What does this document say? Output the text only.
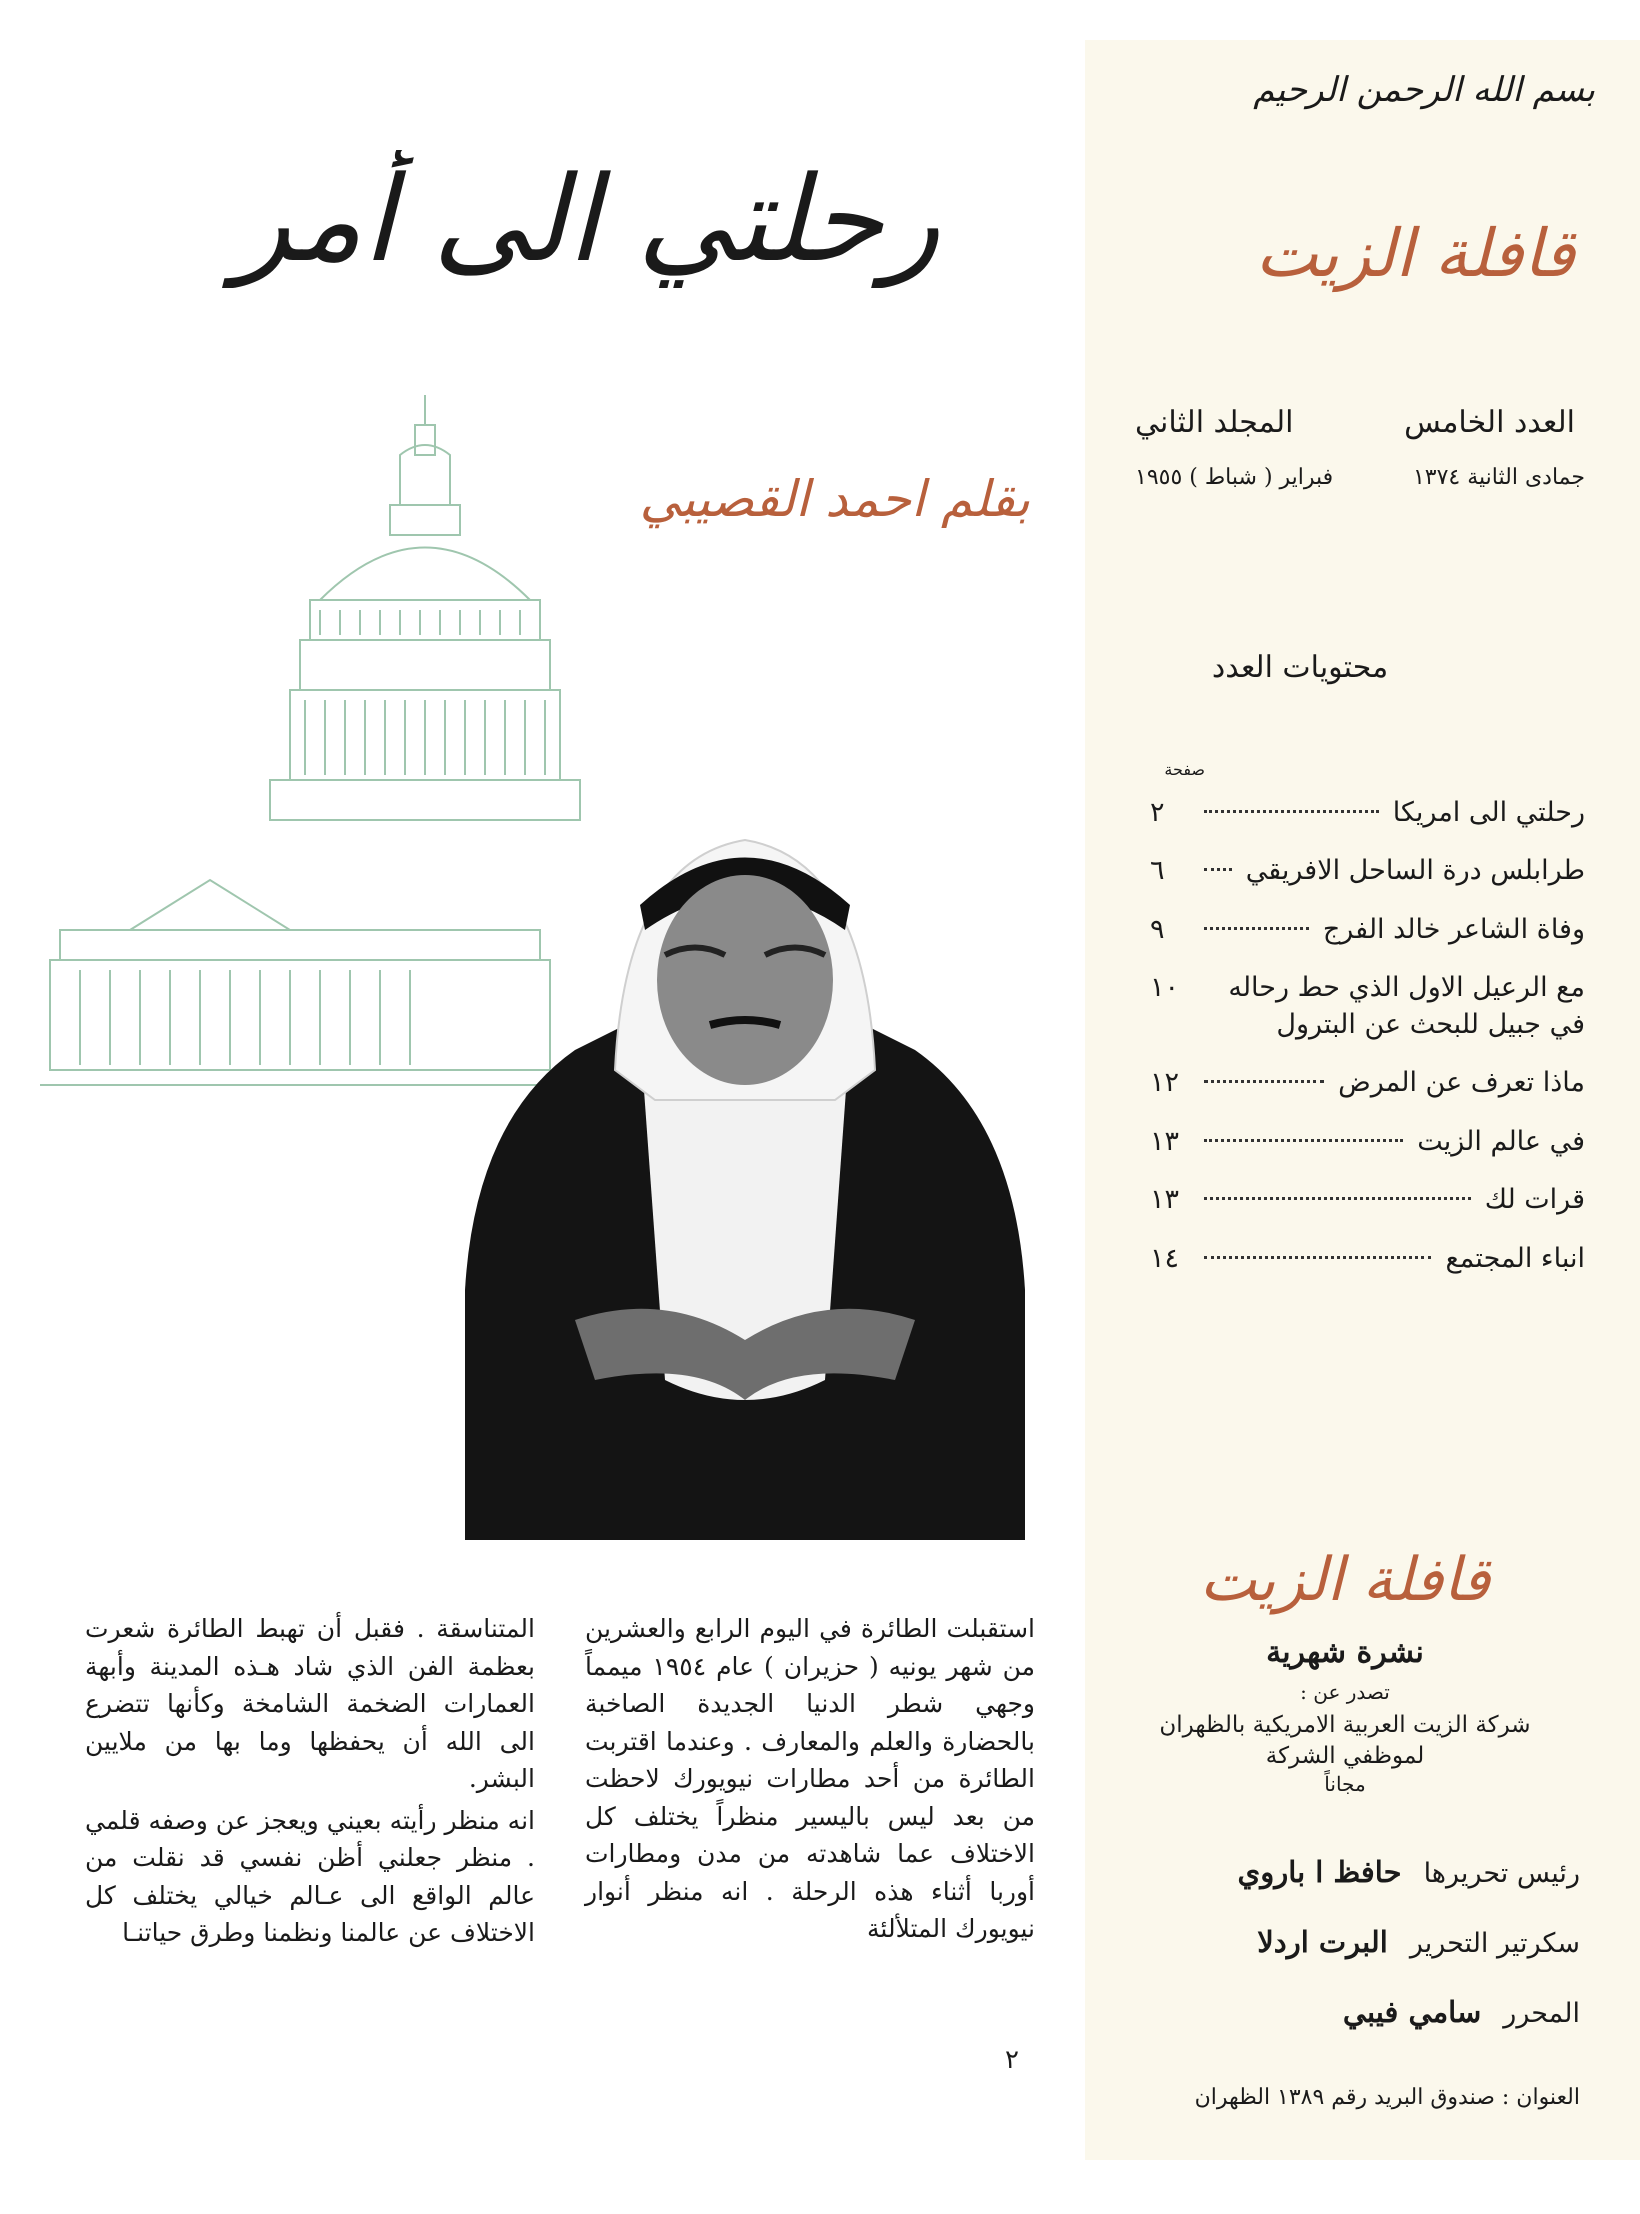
بسم الله الرحمن الرحيم
قافلة الزيت
العدد الخامس
المجلد الثاني
جمادى الثانية ١٣٧٤
فبراير ( شباط ) ١٩٥٥
محتويات العدد
صفحة
رحلتي الى امريكا
٢
طرابلس درة الساحل الافريقي
٦
وفاة الشاعر خالد الفرج
٩
مع الرعيل الاول الذي حط رحاله في جبيل للبحث عن البترول
١٠
ماذا تعرف عن المرض
١٢
في عالم الزيت
١٣
قرات لك
١٣
انباء المجتمع
١٤
قافلة الزيت
نشرة شهرية
تصدر عن :
شركة الزيت العربية الامريكية بالظهران
لموظفي الشركة
مجاناً
رئيس تحريرها
حافظ ا باروي
سكرتير التحرير
البرت اردلا
المحرر
سامي فيبي
العنوان : صندوق البريد رقم ١٣٨٩ الظهران
رحلتي الى أمر
بقلم احمد القصيبي

استقبلت الطائرة في اليوم الرابع والعشرين من شهر يونيه ( حزيران ) عام ١٩٥٤ ميمماً وجهي شطر الدنيا الجديدة الصاخبة بالحضارة والعلم والمعارف . وعندما اقتربت الطائرة من أحد مطارات نيويورك لاحظت من بعد ليس باليسير منظراً يختلف كل الاختلاف عما شاهدته من مدن ومطارات أوربا أثناء هذه الرحلة . انه منظر أنوار نيويورك المتلألئة

المتناسقة . فقبل أن تهبط الطائرة شعرت بعظمة الفن الذي شاد هـذه المدينة وأبهة العمارات الضخمة الشامخة وكأنها تتضرع الى الله أن يحفظها وما بها من ملايين البشر.

انه منظر رأيته بعيني ويعجز عن وصفه قلمي . منظر جعلني أظن نفسي قد نقلت من عالم الواقع الى عـالم خيالي يختلف كل الاختلاف عن عالمنا ونظمنا وطرق حياتنـا

٢
